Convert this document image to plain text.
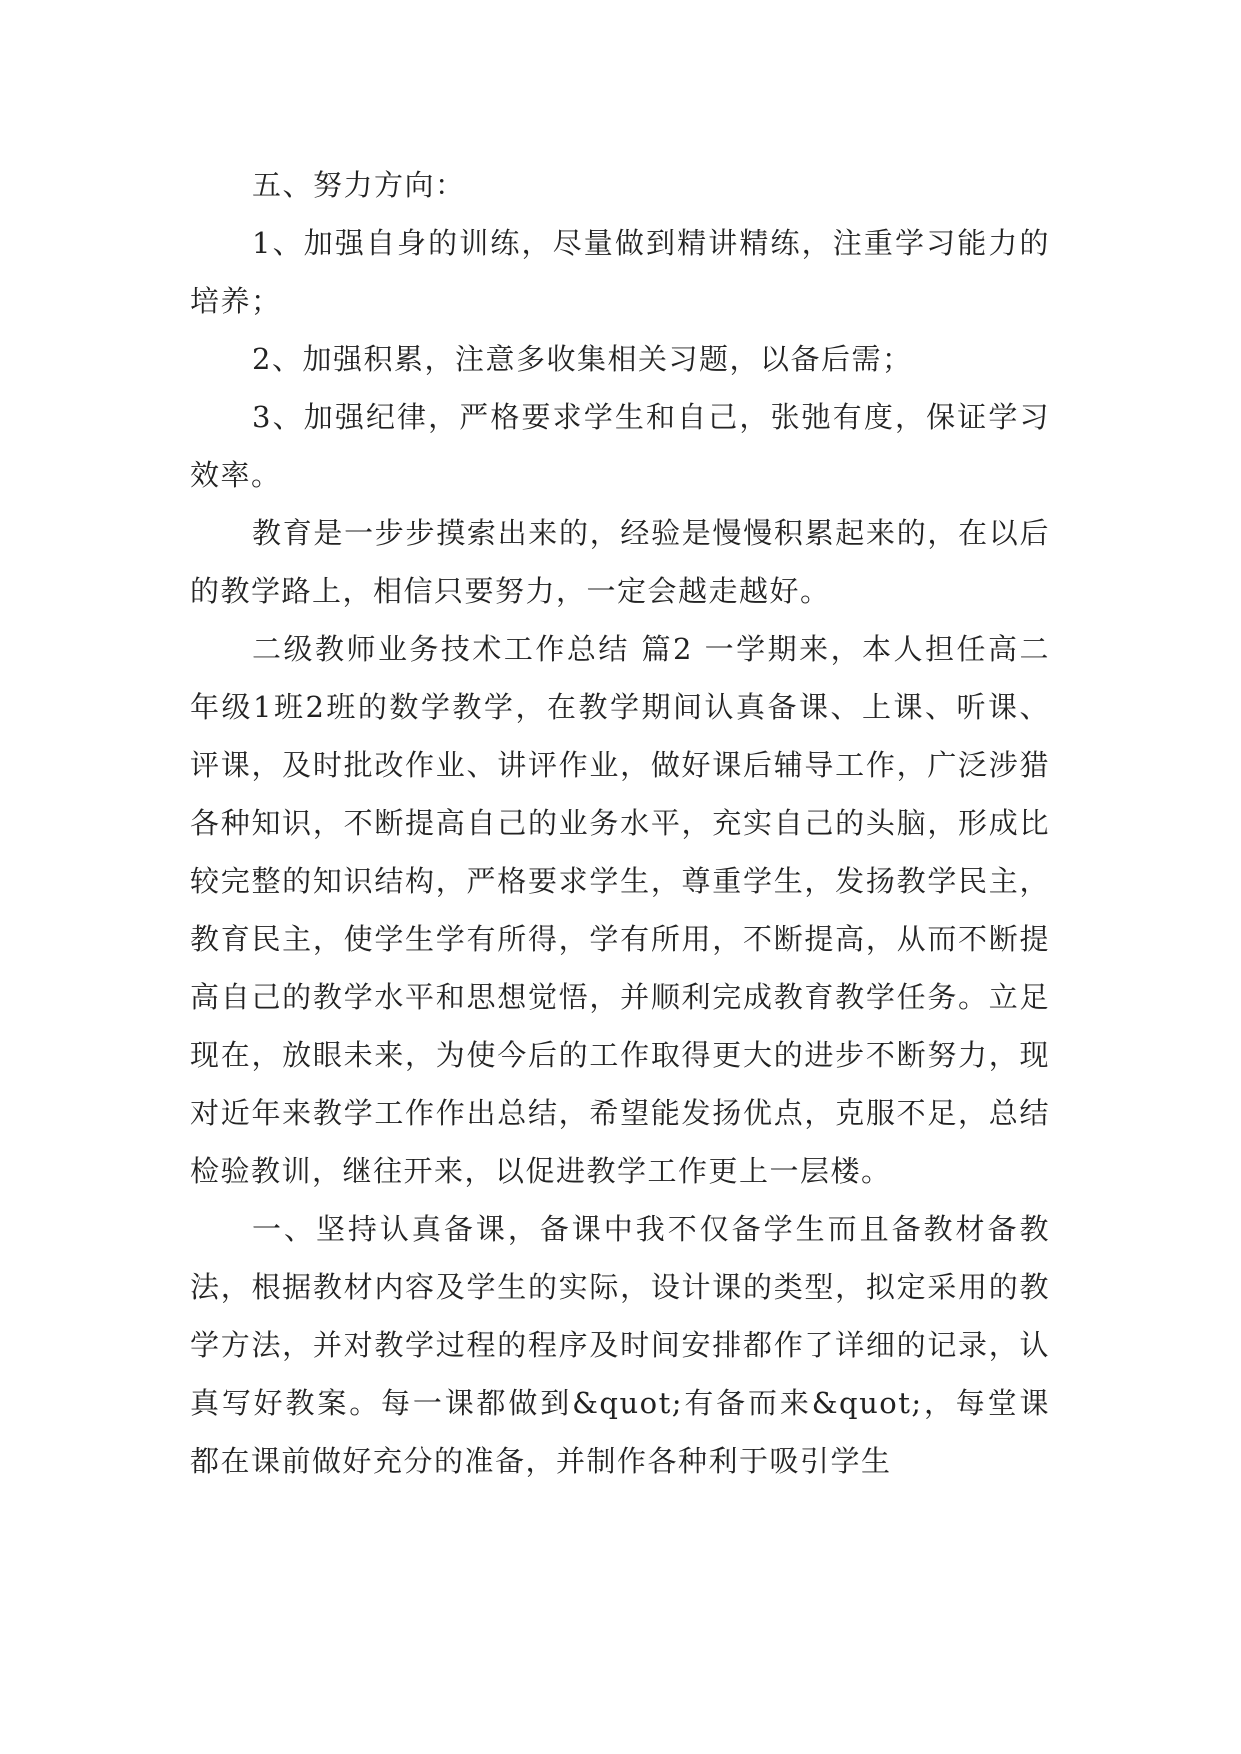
五、努力方向：

1、加强自身的训练，尽量做到精讲精练，注重学习能力的培养；

2、加强积累，注意多收集相关习题，以备后需；

3、加强纪律，严格要求学生和自己，张弛有度，保证学习效率。

教育是一步步摸索出来的，经验是慢慢积累起来的，在以后的教学路上，相信只要努力，一定会越走越好。

二级教师业务技术工作总结 篇2 一学期来，本人担任高二年级1班2班的数学教学，在教学期间认真备课、上课、听课、评课，及时批改作业、讲评作业，做好课后辅导工作，广泛涉猎各种知识，不断提高自己的业务水平，充实自己的头脑，形成比较完整的知识结构，严格要求学生，尊重学生，发扬教学民主，教育民主，使学生学有所得，学有所用，不断提高，从而不断提高自己的教学水平和思想觉悟，并顺利完成教育教学任务。立足现在，放眼未来，为使今后的工作取得更大的进步不断努力，现对近年来教学工作作出总结，希望能发扬优点，克服不足，总结检验教训，继往开来，以促进教学工作更上一层楼。

一、坚持认真备课，备课中我不仅备学生而且备教材备教法，根据教材内容及学生的实际，设计课的类型，拟定采用的教学方法，并对教学过程的程序及时间安排都作了详细的记录，认真写好教案。每一课都做到&quot;有备而来&quot;，每堂课都在课前做好充分的准备，并制作各种利于吸引学生
